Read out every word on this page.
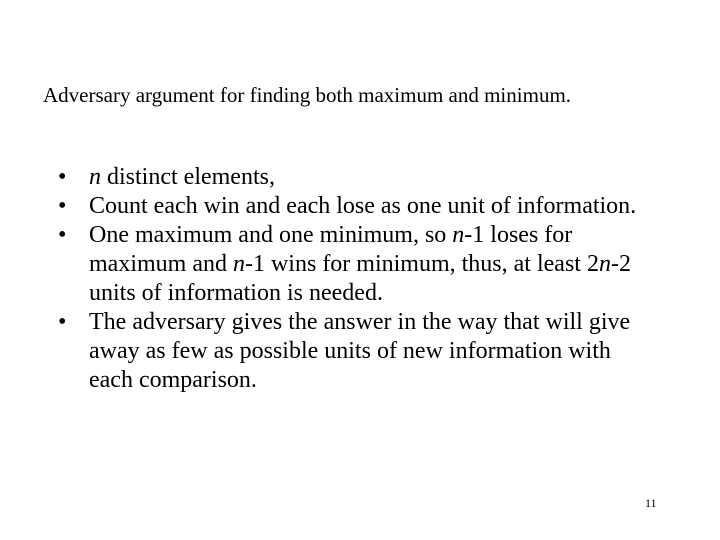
Adversary argument for finding both maximum and minimum.
• n distinct elements,
• Count each win and each lose as one unit of information.
• One maximum and one minimum, so n-1 loses for maximum and n-1 wins for minimum, thus, at least 2n-2 units of information is needed.
• The adversary gives the answer in the way that will give away as few as possible units of new information with each comparison.
11
